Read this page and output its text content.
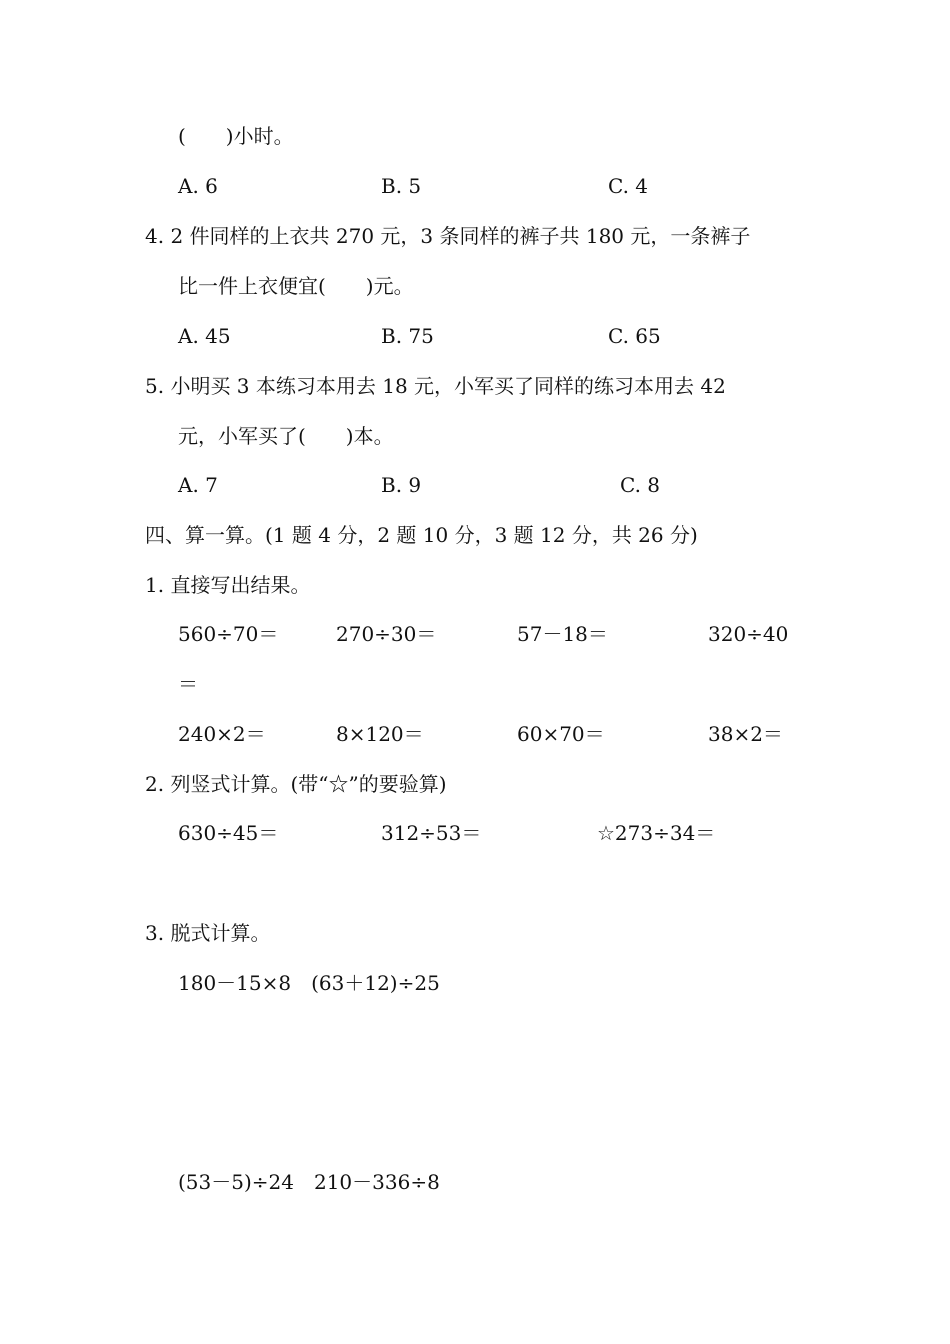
(　　)小时。
A. 6	B. 5	C. 4
4. 2 件同样的上衣共 270 元，3 条同样的裤子共 180 元，一条裤子
比一件上衣便宜(　　)元。
A. 45	B. 75	C. 65
5. 小明买 3 本练习本用去 18 元，小军买了同样的练习本用去 42
元，小军买了(　　)本。
A. 7	B. 9	C. 8
四、算一算。(1 题 4 分，2 题 10 分，3 题 12 分，共 26 分)
1. 直接写出结果。
560÷70＝	270÷30＝	57－18＝	320÷40
＝
240×2＝	8×120＝	60×70＝	38×2＝
2. 列竖式计算。(带“☆”的要验算)
630÷45＝	312÷53＝	☆273÷34＝
3. 脱式计算。
180－15×8　(63＋12)÷25
(53－5)÷24　210－336÷8
